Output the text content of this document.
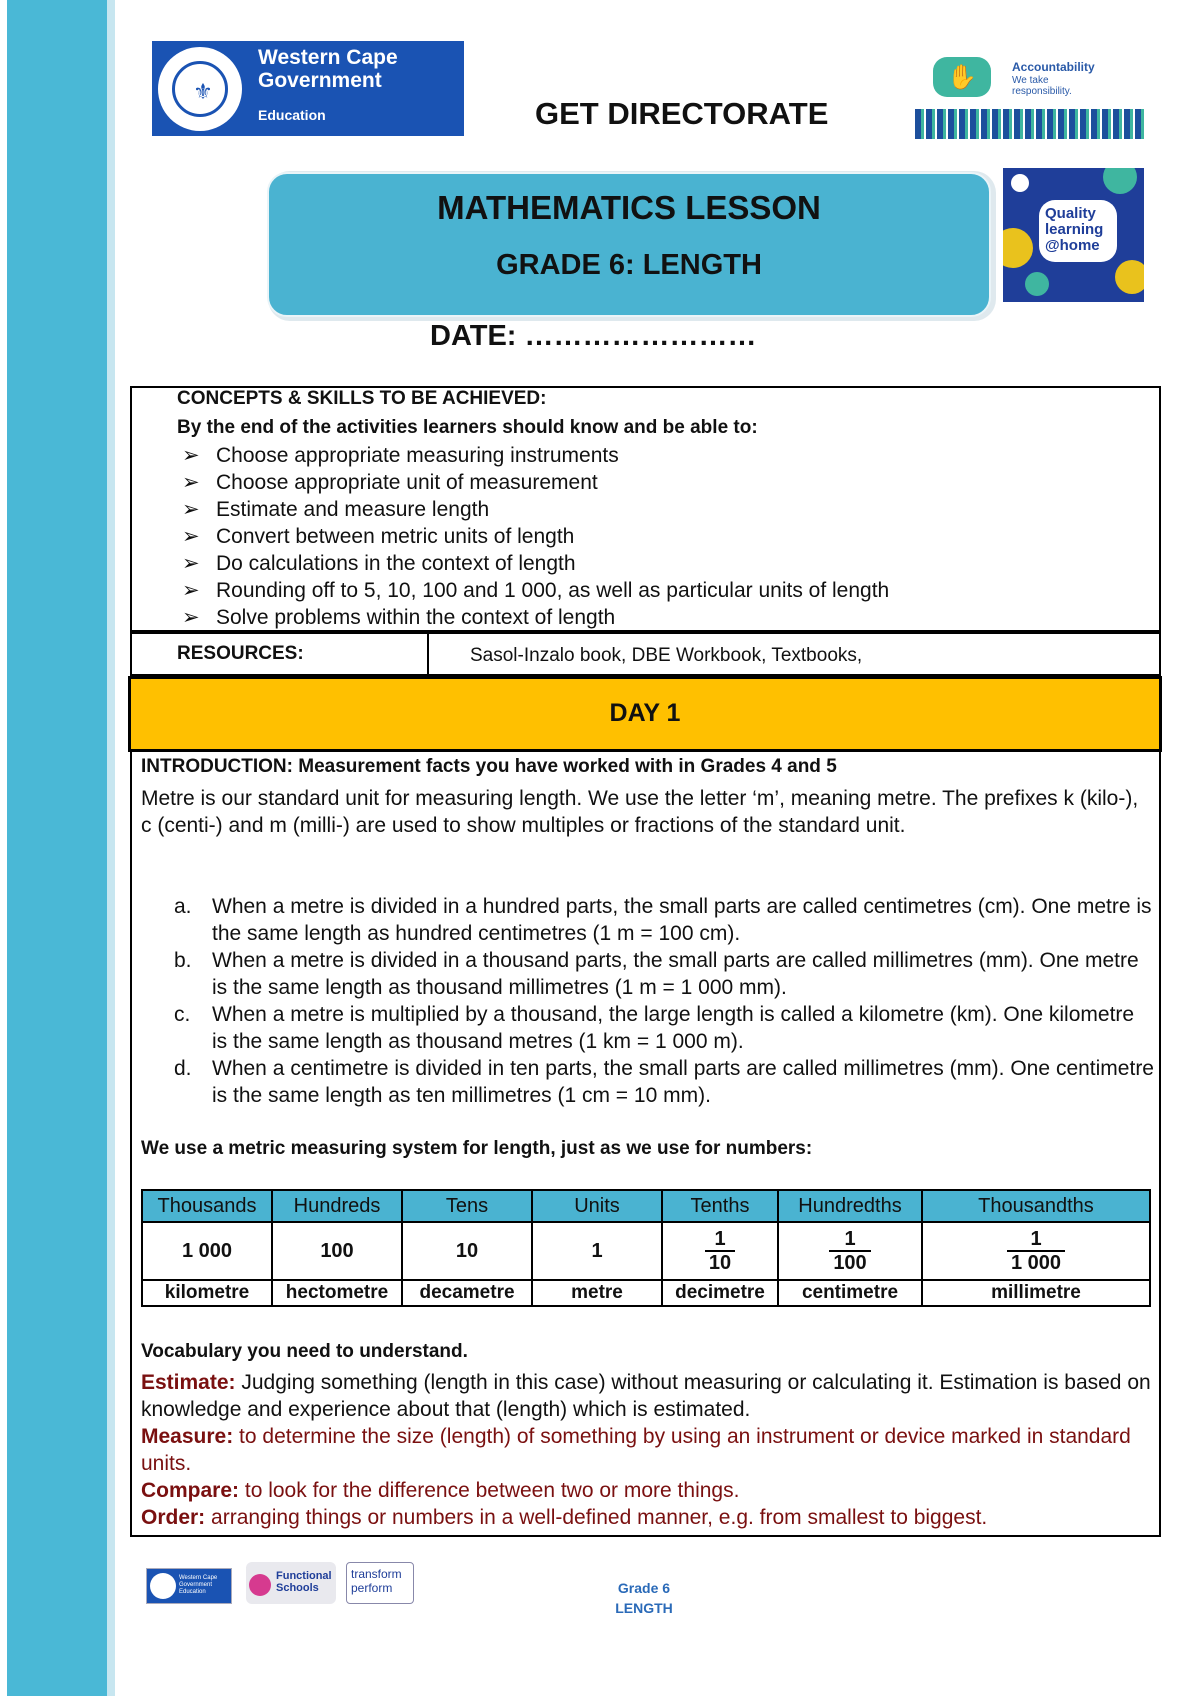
⚜
Western Cape
Government
Education	GET DIRECTORATE
✋	Accountability
We take
responsibility.
Quality
learning
@home
MATHEMATICS LESSON
GRADE 6: LENGTH
DATE: ……………………
CONCEPTS & SKILLS TO BE ACHIEVED:
By the end of the activities learners should know and be able to:
➢ Choose appropriate measuring instruments
➢ Choose appropriate unit of measurement
➢ Estimate and measure length
➢ Convert between metric units of length
➢ Do calculations in the context of length
➢ Rounding off to 5, 10, 100 and 1 000, as well as particular units of length
➢ Solve problems within the context of length
RESOURCES:	Sasol-Inzalo book, DBE Workbook, Textbooks,
DAY 1
INTRODUCTION: Measurement facts you have worked with in Grades 4 and 5
Metre is our standard unit for measuring length. We use the letter ‘m’, meaning metre. The prefixes k (kilo-), c (centi-) and m (milli-) are used to show multiples or fractions of the standard unit.
a. When a metre is divided in a hundred parts, the small parts are called centimetres (cm). One metre is the same length as hundred centimetres (1 m = 100 cm).
b. When a metre is divided in a thousand parts, the small parts are called millimetres (mm). One metre is the same length as thousand millimetres (1 m = 1 000 mm).
c. When a metre is multiplied by a thousand, the large length is called a kilometre (km). One kilometre is the same length as thousand metres (1 km = 1 000 m).
d. When a centimetre is divided in ten parts, the small parts are called millimetres (mm). One centimetre is the same length as ten millimetres (1 cm = 10 mm).
We use a metric measuring system for length, just as we use for numbers:
Thousands	Hundreds	Tens	Units	Tenths	Hundredths	Thousandths
1 000	100	10	1	$\frac{1}{10}$	$\frac{1}{100}$	$\frac{1}{1 000}$

kilometre	hectometre	decametre	metre	decimetre	centimetre	millimetre
Vocabulary you need to understand.
Estimate: Judging something (length in this case) without measuring or calculating it. Estimation is based on knowledge and experience about that (length) which is estimated.
Measure: to determine the size (length) of something by using an instrument or device marked in standard units.
Compare: to look for the difference between two or more things.
Order: arranging things or numbers in a well-defined manner, e.g. from smallest to biggest.
Western Cape Government Education
Functional
Schools
transform
perform	Grade 6
LENGTH
